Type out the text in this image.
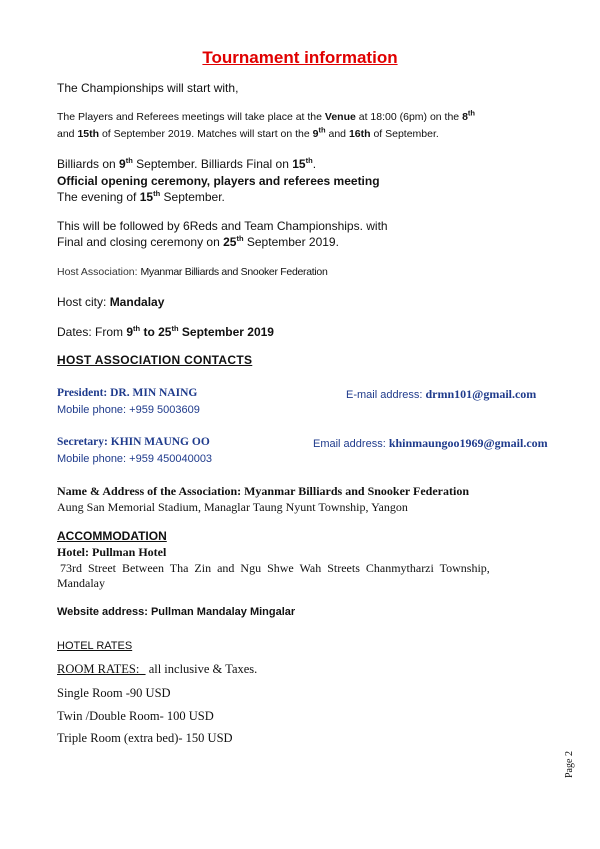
Tournament information
The Championships will start with,
The Players and Referees meetings will take place at the Venue at 18:00 (6pm) on the 8th
and 15th of September 2019. Matches will start on the 9th and 16th of September.
Billiards on 9th September. Billiards Final on 15th.
Official opening ceremony, players and referees meeting
The evening of 15th September.
This will be followed by 6Reds and Team Championships. with
Final and closing ceremony on 25th September 2019.
Host Association: Myanmar Billiards and Snooker Federation
Host city: Mandalay
Dates: From 9th to 25th September 2019
HOST ASSOCIATION CONTACTS
President: DR. MIN NAING	E-mail address: drmn101@gmail.com
Mobile phone: +959 5003609
Secretary: KHIN MAUNG OO	Email address: khinmaungoo1969@gmail.com
Mobile phone: +959 450040003
Name & Address of the Association: Myanmar Billiards and Snooker Federation
Aung San Memorial Stadium, Managlar Taung Nyunt Township, Yangon
ACCOMMODATION
Hotel: Pullman Hotel
73rd  Street  Between  Tha  Zin  and  Ngu  Shwe  Wah  Streets  Chanmytharzi  Township,
Mandalay
Website address: Pullman Mandalay Mingalar
HOTEL RATES
ROOM RATES:   all inclusive & Taxes.
Single Room -90 USD
Twin /Double Room- 100 USD
Triple Room (extra bed)- 150 USD
Page 2
